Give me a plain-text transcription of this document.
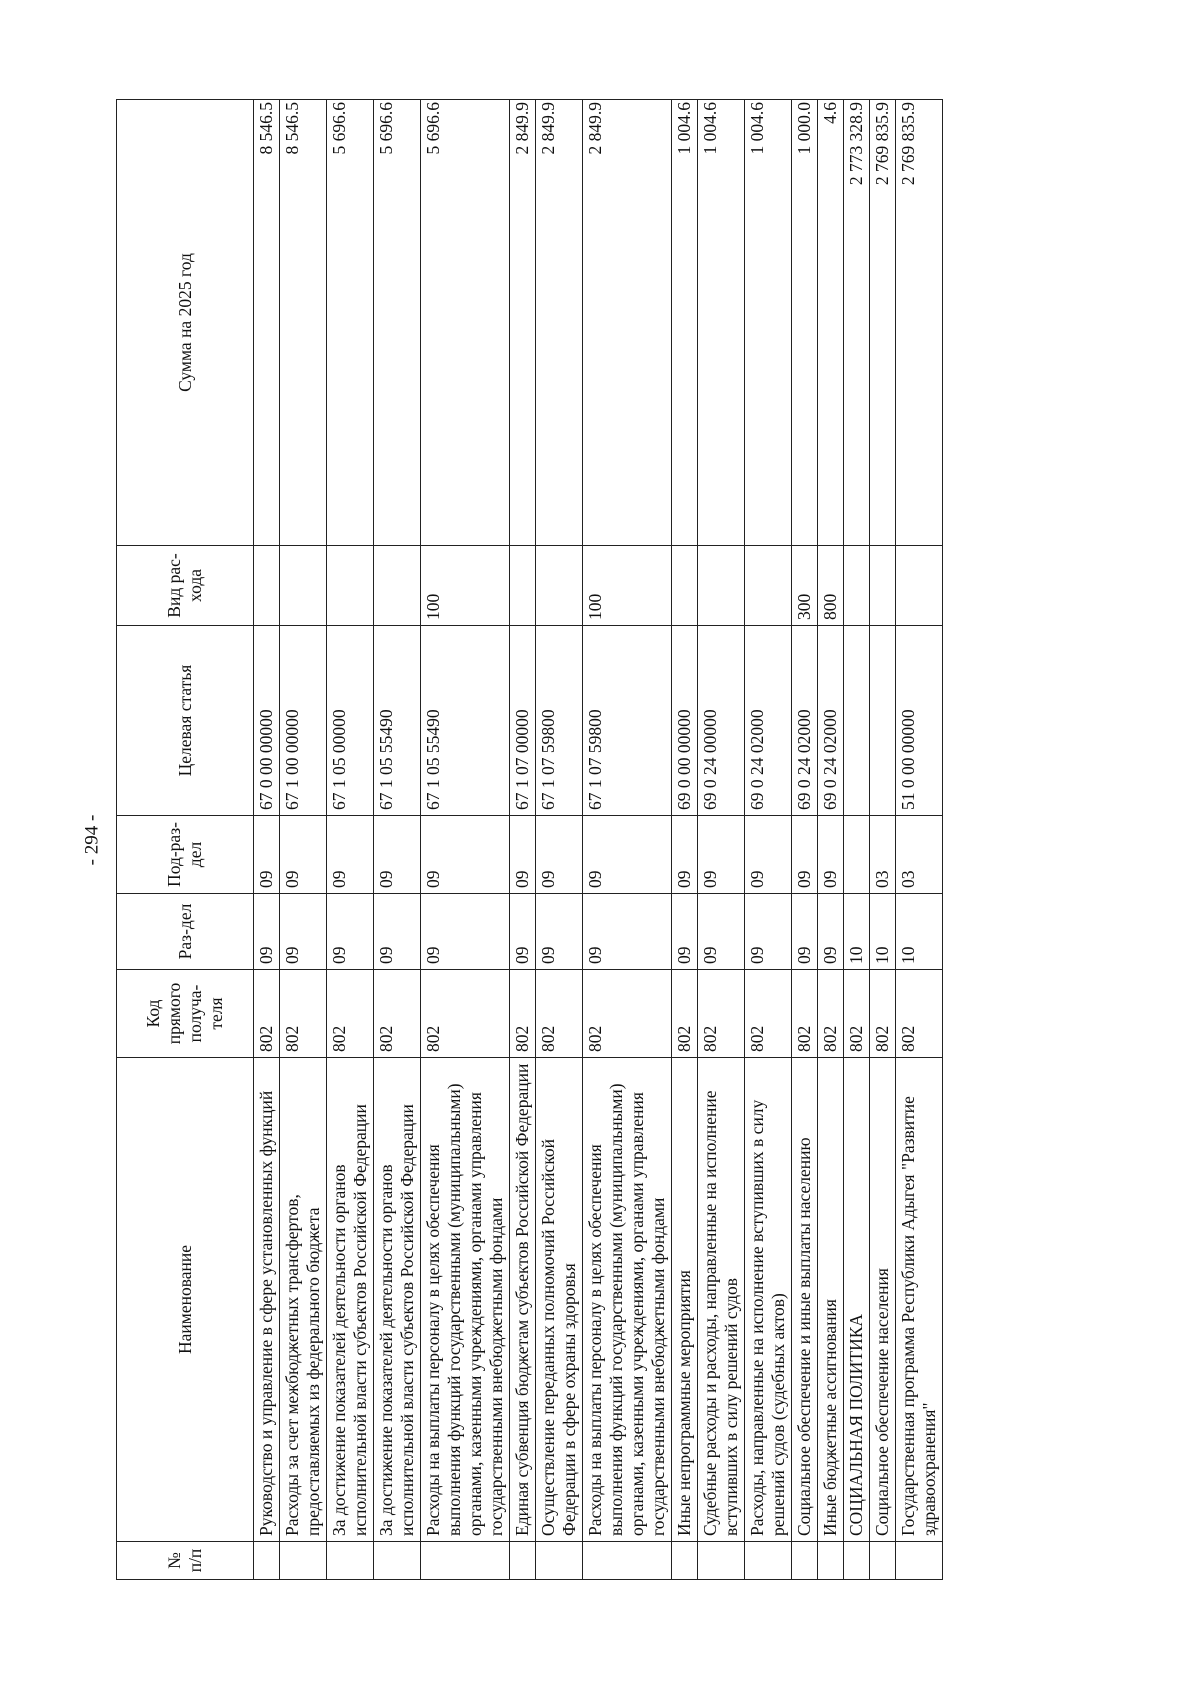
- 294 -
№ п/п	Наименование	Код прямого получа-теля	Раз-дел	Под-раз-дел	Целевая статья	Вид рас-хода	Сумма на 2025 год
	Руководство и управление в сфере установленных функций	802	09	09	67 0 00 00000		8 546.5
	Расходы за счет межбюджетных трансфертов, предоставляемых из федерального бюджета	802	09	09	67 1 00 00000		8 546.5
	За достижение показателей деятельности органов исполнительной власти субъектов Российской Федерации	802	09	09	67 1 05 00000		5 696.6
	За достижение показателей деятельности органов исполнительной власти субъектов Российской Федерации	802	09	09	67 1 05 55490		5 696.6
	Расходы на выплаты персоналу в целях обеспечения выполнения функций государственными (муниципальными) органами, казенными учреждениями, органами управления государственными внебюджетными фондами	802	09	09	67 1 05 55490	100	5 696.6
	Единая субвенция бюджетам субъектов Российской Федерации	802	09	09	67 1 07 00000		2 849.9
	Осуществление переданных полномочий Российской Федерации в сфере охраны здоровья	802	09	09	67 1 07 59800		2 849.9
	Расходы на выплаты персоналу в целях обеспечения выполнения функций государственными (муниципальными) органами, казенными учреждениями, органами управления государственными внебюджетными фондами	802	09	09	67 1 07 59800	100	2 849.9
	Иные непрограммные мероприятия	802	09	09	69 0 00 00000		1 004.6
	Судебные расходы и расходы, направленные на исполнение вступивших в силу решений судов	802	09	09	69 0 24 00000		1 004.6
	Расходы, направленные на исполнение вступивших в силу решений судов (судебных актов)	802	09	09	69 0 24 02000		1 004.6
	Социальное обеспечение и иные выплаты населению	802	09	09	69 0 24 02000	300	1 000.0
	Иные бюджетные ассигнования	802	09	09	69 0 24 02000	800	4.6
	СОЦИАЛЬНАЯ ПОЛИТИКА	802	10				2 773 328.9
	Социальное обеспечение населения	802	10	03			2 769 835.9
	Государственная программа Республики Адыгея "Развитие здравоохранения"	802	10	03	51 0 00 00000		2 769 835.9
